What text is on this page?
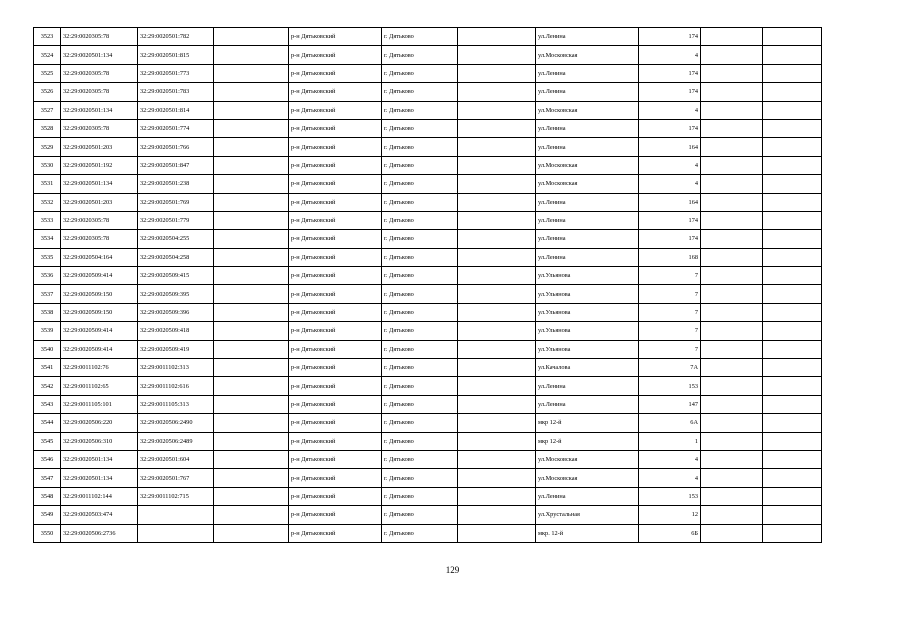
3523	32:29:0020305:78	32:29:0020501:782		р-н Дятьковский	г. Дятьково		ул.Ленина	174		
3524	32:29:0020501:134	32:29:0020501:815		р-н Дятьковский	г. Дятьково		ул.Московская	4		
3525	32:29:0020305:78	32:29:0020501:773		р-н Дятьковский	г. Дятьково		ул.Ленина	174		
3526	32:29:0020305:78	32:29:0020501:783		р-н Дятьковский	г. Дятьково		ул.Ленина	174		
3527	32:29:0020501:134	32:29:0020501:814		р-н Дятьковский	г. Дятьково		ул.Московская	4		
3528	32:29:0020305:78	32:29:0020501:774		р-н Дятьковский	г. Дятьково		ул.Ленина	174		
3529	32:29:0020501:203	32:29:0020501:766		р-н Дятьковский	г. Дятьково		ул.Ленина	164		
3530	32:29:0020501:192	32:29:0020501:847		р-н Дятьковский	г. Дятьково		ул.Московская	4		
3531	32:29:0020501:134	32:29:0020501:238		р-н Дятьковский	г. Дятьково		ул.Московская	4		
3532	32:29:0020501:203	32:29:0020501:769		р-н Дятьковский	г. Дятьково		ул.Ленина	164		
3533	32:29:0020305:78	32:29:0020501:779		р-н Дятьковский	г. Дятьково		ул.Ленина	174		
3534	32:29:0020305:78	32:29:0020504:255		р-н Дятьковский	г. Дятьково		ул.Ленина	174		
3535	32:29:0020504:164	32:29:0020504:258		р-н Дятьковский	г. Дятьково		ул.Ленина	168		
3536	32:29:0020509:414	32:29:0020509:415		р-н Дятьковский	г. Дятьково		ул.Ульянова	7		
3537	32:29:0020509:150	32:29:0020509:395		р-н Дятьковский	г. Дятьково		ул.Ульянова	7		
3538	32:29:0020509:150	32:29:0020509:396		р-н Дятьковский	г. Дятьково		ул.Ульянова	7		
3539	32:29:0020509:414	32:29:0020509:418		р-н Дятьковский	г. Дятьково		ул.Ульянова	7		
3540	32:29:0020509:414	32:29:0020509:419		р-н Дятьковский	г. Дятьково		ул.Ульянова	7		
3541	32:29:0011102:76	32:29:0011102:313		р-н Дятьковский	г. Дятьково		ул.Качалова	7А		
3542	32:29:0011102:65	32:29:0011102:616		р-н Дятьковский	г. Дятьково		ул.Ленина	153		
3543	32:29:0011105:101	32:29:0011105:313		р-н Дятьковский	г. Дятьково		ул.Ленина	147		
3544	32:29:0020506:220	32:29:0020506:2490		р-н Дятьковский	г. Дятьково		мкр 12-й	6А		
3545	32:29:0020506:310	32:29:0020506:2489		р-н Дятьковский	г. Дятьково		мкр 12-й	1		
3546	32:29:0020501:134	32:29:0020501:604		р-н Дятьковский	г. Дятьково		ул.Московская	4		
3547	32:29:0020501:134	32:29:0020501:767		р-н Дятьковский	г. Дятьково		ул.Московская	4		
3548	32:29:0011102:144	32:29:0011102:715		р-н Дятьковский	г. Дятьково		ул.Ленина	153		
3549	32:29:0020503:474			р-н Дятьковский	г. Дятьково		ул.Хрустальная	12		
3550	32:29:0020506:2736			р-н Дятьковский	г. Дятьково		мкр. 12-й	6Б		
129
